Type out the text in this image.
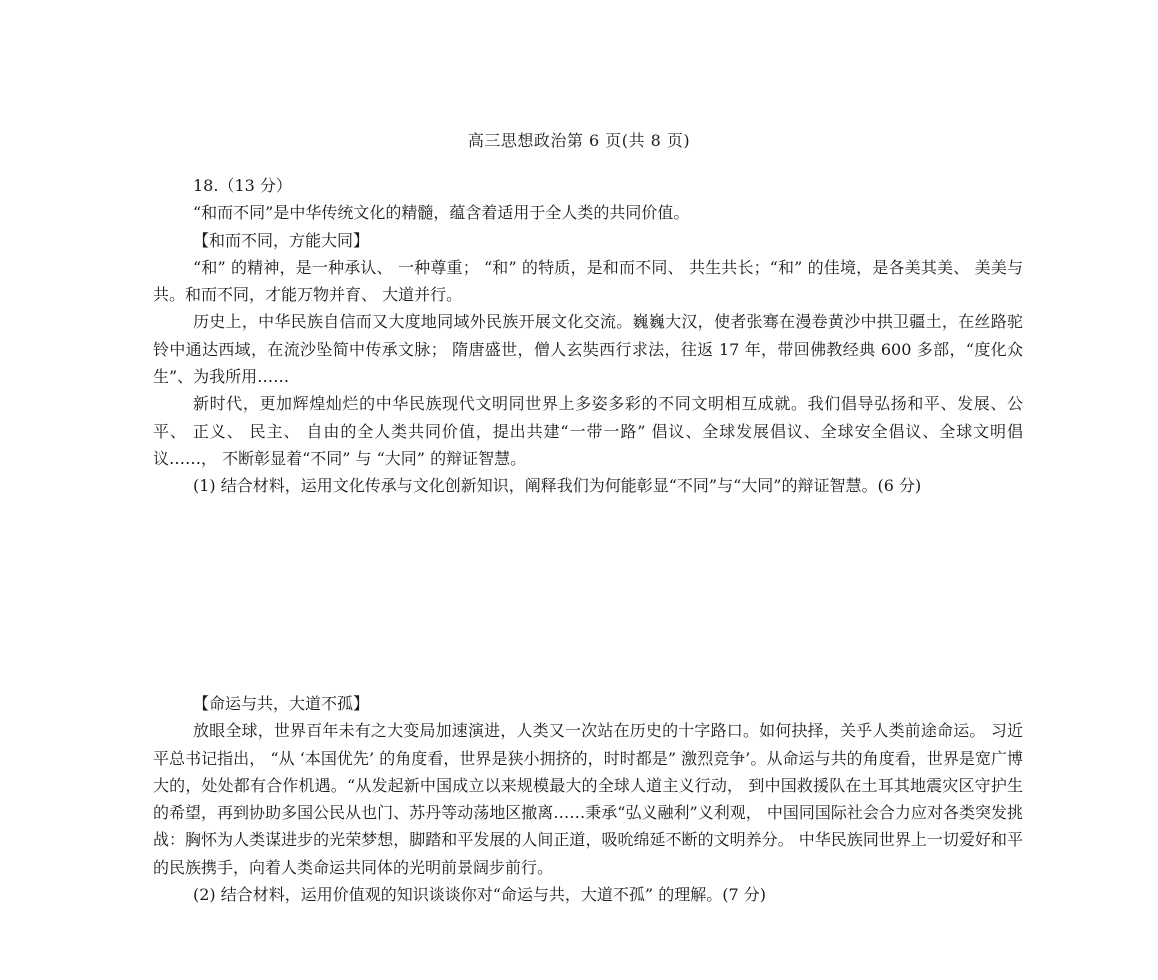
高三思想政治第 6 页(共 8 页)
18.（13 分）

“和而不同”是中华传统文化的精髓，蕴含着适用于全人类的共同价值。

【和而不同，方能大同】

“和” 的精神，是一种承认、 一种尊重； “和” 的特质，是和而不同、 共生共长；“和” 的佳境，是各美其美、 美美与共。和而不同，才能万物并育、 大道并行。

历史上，中华民族自信而又大度地同域外民族开展文化交流。巍巍大汉，使者张骞在漫卷黄沙中拱卫疆土，在丝路驼铃中通达西域，在流沙坠简中传承文脉； 隋唐盛世，僧人玄奘西行求法，往返 17 年，带回佛教经典 600 多部，“度化众生”、为我所用……

新时代，更加辉煌灿烂的中华民族现代文明同世界上多姿多彩的不同文明相互成就。我们倡导弘扬和平、发展、公平、 正义、 民主、 自由的全人类共同价值，提出共建“一带一路” 倡议、全球发展倡议、全球安全倡议、全球文明倡议……， 不断彰显着“不同” 与 “大同” 的辩证智慧。

(1) 结合材料，运用文化传承与文化创新知识，阐释我们为何能彰显“不同”与“大同”的辩证智慧。(6 分)

【命运与共，大道不孤】

放眼全球，世界百年未有之大变局加速演进，人类又一次站在历史的十字路口。如何抉择，关乎人类前途命运。 习近平总书记指出， “从 ‘本国优先’ 的角度看，世界是狭小拥挤的，时时都是” 激烈竞争’。从命运与共的角度看，世界是宽广博大的，处处都有合作机遇。“从发起新中国成立以来规模最大的全球人道主义行动， 到中国救援队在土耳其地震灾区守护生的希望，再到协助多国公民从也门、苏丹等动荡地区撤离……秉承“弘义融利”义利观， 中国同国际社会合力应对各类突发挑战：胸怀为人类谋进步的光荣梦想，脚踏和平发展的人间正道，吸吮绵延不断的文明养分。 中华民族同世界上一切爱好和平的民族携手，向着人类命运共同体的光明前景阔步前行。

(2) 结合材料，运用价值观的知识谈谈你对“命运与共，大道不孤” 的理解。(7 分)
